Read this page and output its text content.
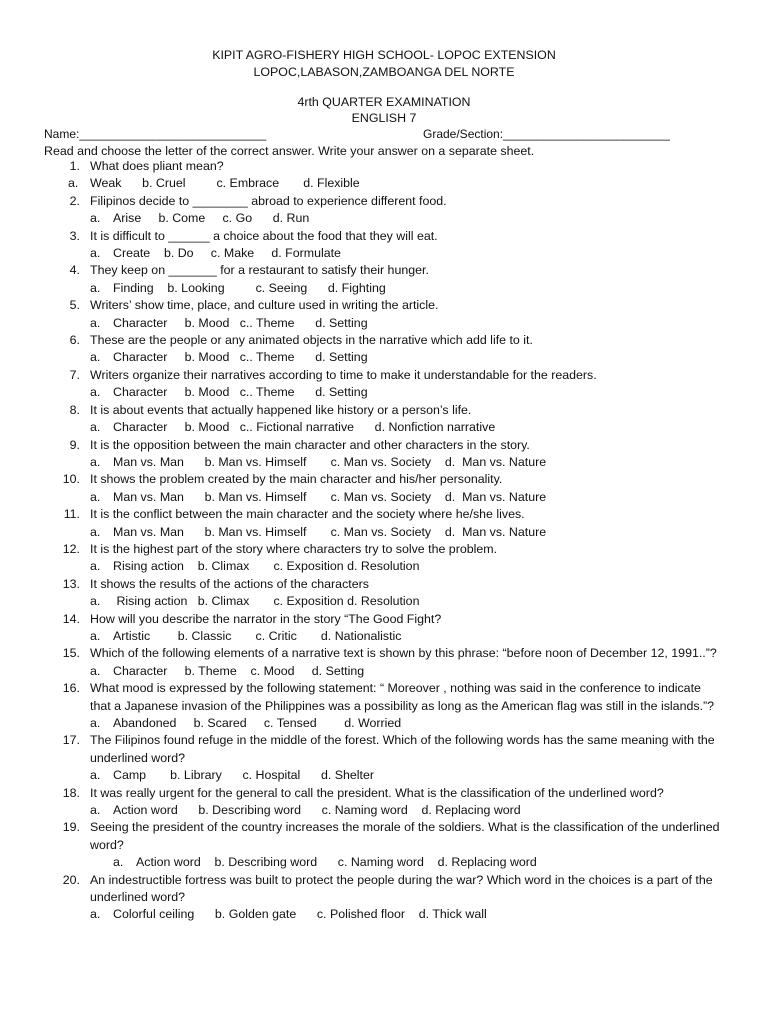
KIPIT AGRO-FISHERY HIGH SCHOOL- LOPOC EXTENSION
LOPOC,LABASON,ZAMBOANGA DEL NORTE
4rth QUARTER EXAMINATION
ENGLISH 7
Name:____________________________	Grade/Section:_________________________
Read and choose the letter of the correct answer. Write your answer on a separate sheet.
1. What does pliant mean?
a. Weak      b. Cruel         c. Embrace       d. Flexible
2. Filipinos decide to ________ abroad to experience different food.
a. Arise     b. Come     c. Go      d. Run
3. It is difficult to ______ a choice about the food that they will eat.
a. Create    b. Do     c. Make     d. Formulate
4. They keep on _______ for a restaurant to satisfy their hunger.
a. Finding    b. Looking         c. Seeing      d. Fighting
5. Writers’ show time, place, and culture used in writing the article.
a. Character     b. Mood   c.. Theme      d. Setting
6. These are the people or any animated objects in the narrative which add life to it.
a. Character     b. Mood   c.. Theme      d. Setting
7. Writers organize their narratives according to time to make it understandable for the readers.
a. Character     b. Mood   c.. Theme      d. Setting
8. It is about events that actually happened like history or a person’s life.
a. Character     b. Mood   c.. Fictional narrative      d. Nonfiction narrative
9. It is the opposition between the main character and other characters in the story.
a. Man vs. Man      b. Man vs. Himself       c. Man vs. Society    d.  Man vs. Nature
10. It shows the problem created by the main character and his/her personality.
a. Man vs. Man      b. Man vs. Himself       c. Man vs. Society    d.  Man vs. Nature
11. It is the conflict between the main character and the society where he/she lives.
a. Man vs. Man      b. Man vs. Himself       c. Man vs. Society    d.  Man vs. Nature
12. It is the highest part of the story where characters try to solve the problem.
a. Rising action    b. Climax       c. Exposition d. Resolution
13. It shows the results of the actions of the characters
a. Rising action   b. Climax       c. Exposition d. Resolution
14. How will you describe the narrator in the story “The Good Fight?
a. Artistic        b. Classic       c. Critic       d. Nationalistic
15. Which of the following elements of a narrative text is shown by this phrase: “before noon of December 12, 1991..”?
a. Character     b. Theme    c. Mood     d. Setting
16. What mood is expressed by the following statement: “ Moreover , nothing was said in the conference to indicate that a Japanese invasion of the Philippines was a possibility as long as the American flag was still in the islands.”?
a. Abandoned     b. Scared     c. Tensed        d. Worried
17. The Filipinos found refuge in the middle of the forest. Which of the following words has the same meaning with the underlined word?
a. Camp       b. Library      c. Hospital      d. Shelter
18. It was really urgent for the general to call the president. What is the classification of the underlined word?
a. Action word      b. Describing word      c. Naming word    d. Replacing word
19. Seeing the president of the country increases the morale of the soldiers. What is the classification of the underlined word?
a. Action word    b. Describing word      c. Naming word    d. Replacing word
20. An indestructible fortress was built to protect the people during the war? Which word in the choices is a part of the underlined word?
a. Colorful ceiling      b. Golden gate      c. Polished floor    d. Thick wall
